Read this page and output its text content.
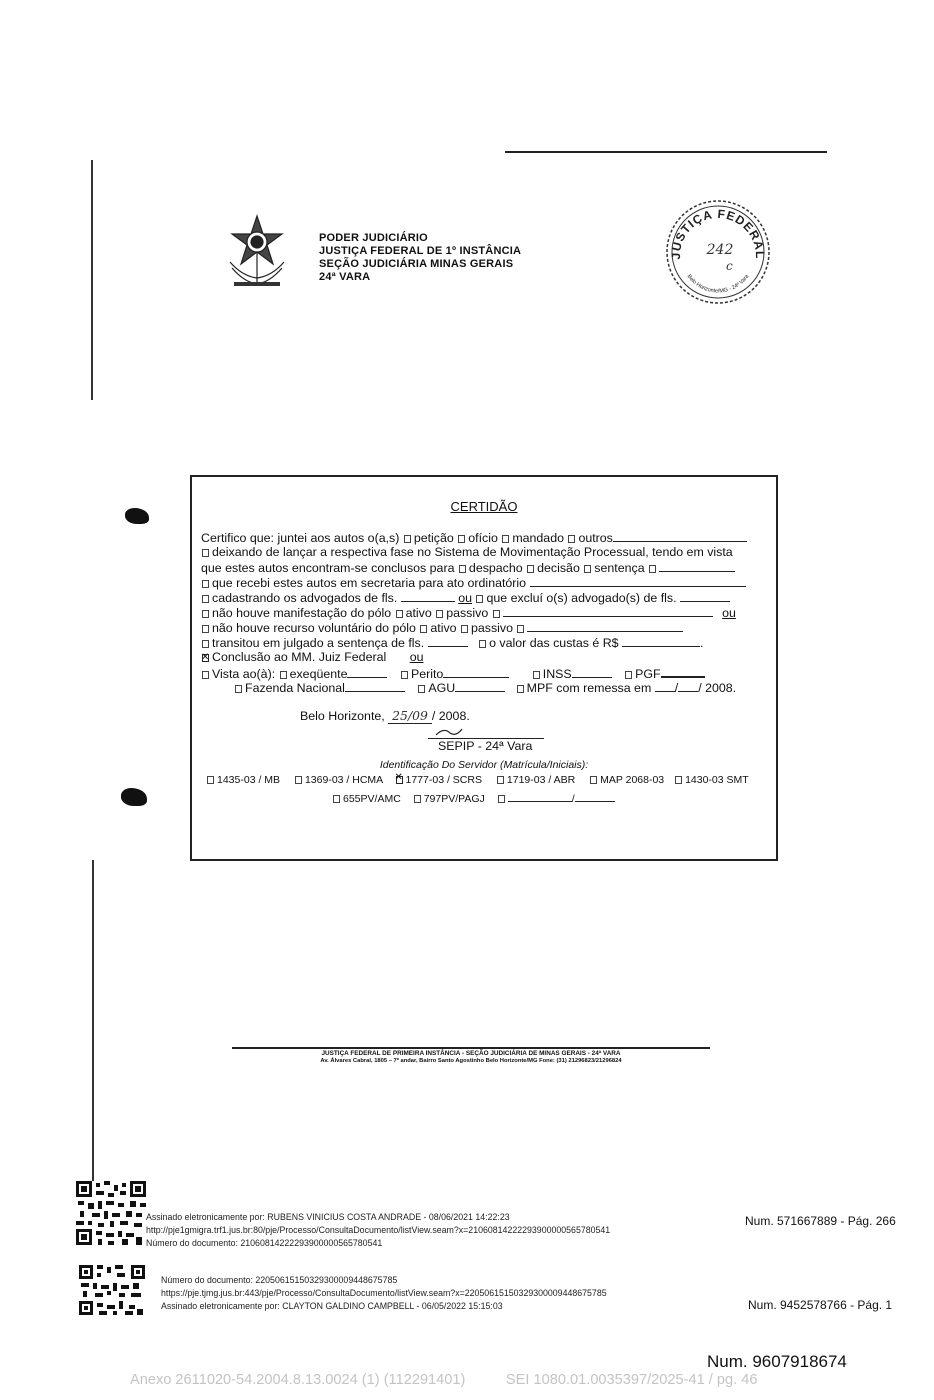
PODER JUDICIÁRIO
JUSTIÇA FEDERAL DE 1º INSTÂNCIA
SEÇÃO JUDICIÁRIA MINAS GERAIS
24ª VARA
JUSTIÇA FEDERAL
Belo Horizonte/MG - 24ª Vara
242
c
CERTIDÃO
Certifico que: juntei aos autos o(a,s) petição ofício mandado outros
deixando de lançar a respectiva fase no Sistema de Movimentação Processual, tendo em vista
que estes autos encontram-se conclusos para despacho decisão sentença
que recebi estes autos em secretaria para ato ordinatório
cadastrando os advogados de fls.	ou que excluí o(s) advogado(s) de fls.
não houve manifestação do pólo ativo passivo	ou
não houve recurso voluntário do pólo ativo passivo
transitou em julgado a sentença de fls.	o valor das custas é R$	.
✕Conclusão ao MM. Juiz Federal ou
Vista ao(à): exeqüente	Perito	INSS	PGF
Fazenda Nacional	AGU	MPF com remessa em / / 2008.
Belo Horizonte, 25/09 / 2008.
SEPIP - 24ª Vara
Identificação Do Servidor (Matrícula/Iniciais):
1435-03 / MB 1369-03 / HCMA ✕ 1777-03 / SCRS 1719-03 / ABR MAP 2068-03 1430-03 SMT
655PV/AMC 797PV/PAGJ	/
JUSTIÇA FEDERAL DE PRIMEIRA INSTÂNCIA - SEÇÃO JUDICIÁRIA DE MINAS GERAIS - 24ª VARA
Av. Álvares Cabral, 1805 – 7º andar, Bairro Santo Agostinho Belo Horizonte/MG Fone: (31) 21296823/21296824
Assinado eletronicamente por: RUBENS VINICIUS COSTA ANDRADE - 08/06/2021 14:22:23
http://pje1gmigra.trf1.jus.br:80/pje/Processo/ConsultaDocumento/listView.seam?x=21060814222293900000565780541
Número do documento: 21060814222293900000565780541
Num. 571667889 - Pág. 266
Número do documento: 22050615150329300009448675785
https://pje.tjmg.jus.br:443/pje/Processo/ConsultaDocumento/listView.seam?x=22050615150329300009448675785
Assinado eletronicamente por: CLAYTON GALDINO CAMPBELL - 06/05/2022 15:15:03	Num. 9452578766 - Pág. 1
Num. 9607918674
Anexo 2611020-54.2004.8.13.0024 (1) (112291401)          SEI 1080.01.0035397/2025-41 / pg. 46
